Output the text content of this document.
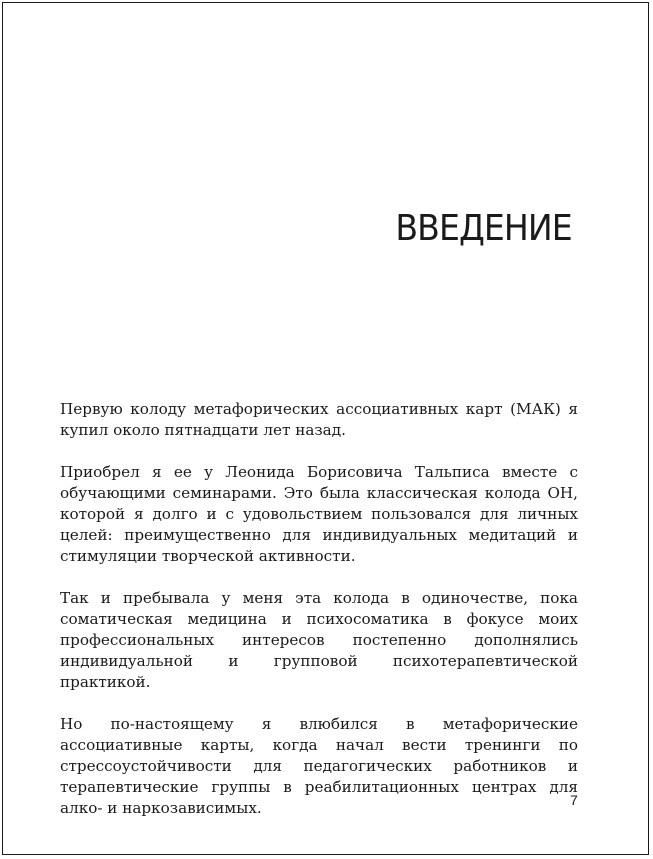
ВВЕДЕНИЕ

Первую колоду метафорических ассоциативных карт (МАК) я купил около пятнадцати лет назад.

Приобрел я ее у Леонида Борисовича Тальписа вместе с обучающими семинарами. Это была классическая колода ОН, которой я долго и с удовольствием пользовался для личных целей: преимущественно для индивидуальных медитаций и стимуляции творческой активности.

Так и пребывала у меня эта колода в одиночестве, пока соматическая медицина и психосоматика в фокусе моих профессиональных интересов постепенно дополнялись индивидуальной и групповой психотерапевтической практикой.

Но по-настоящему я влюбился в метафорические ассоциативные карты, когда начал вести тренинги по стрессоустойчивости для педагогических работников и терапевтические группы в реабилитационных центрах для алко- и наркозависимых.	7
